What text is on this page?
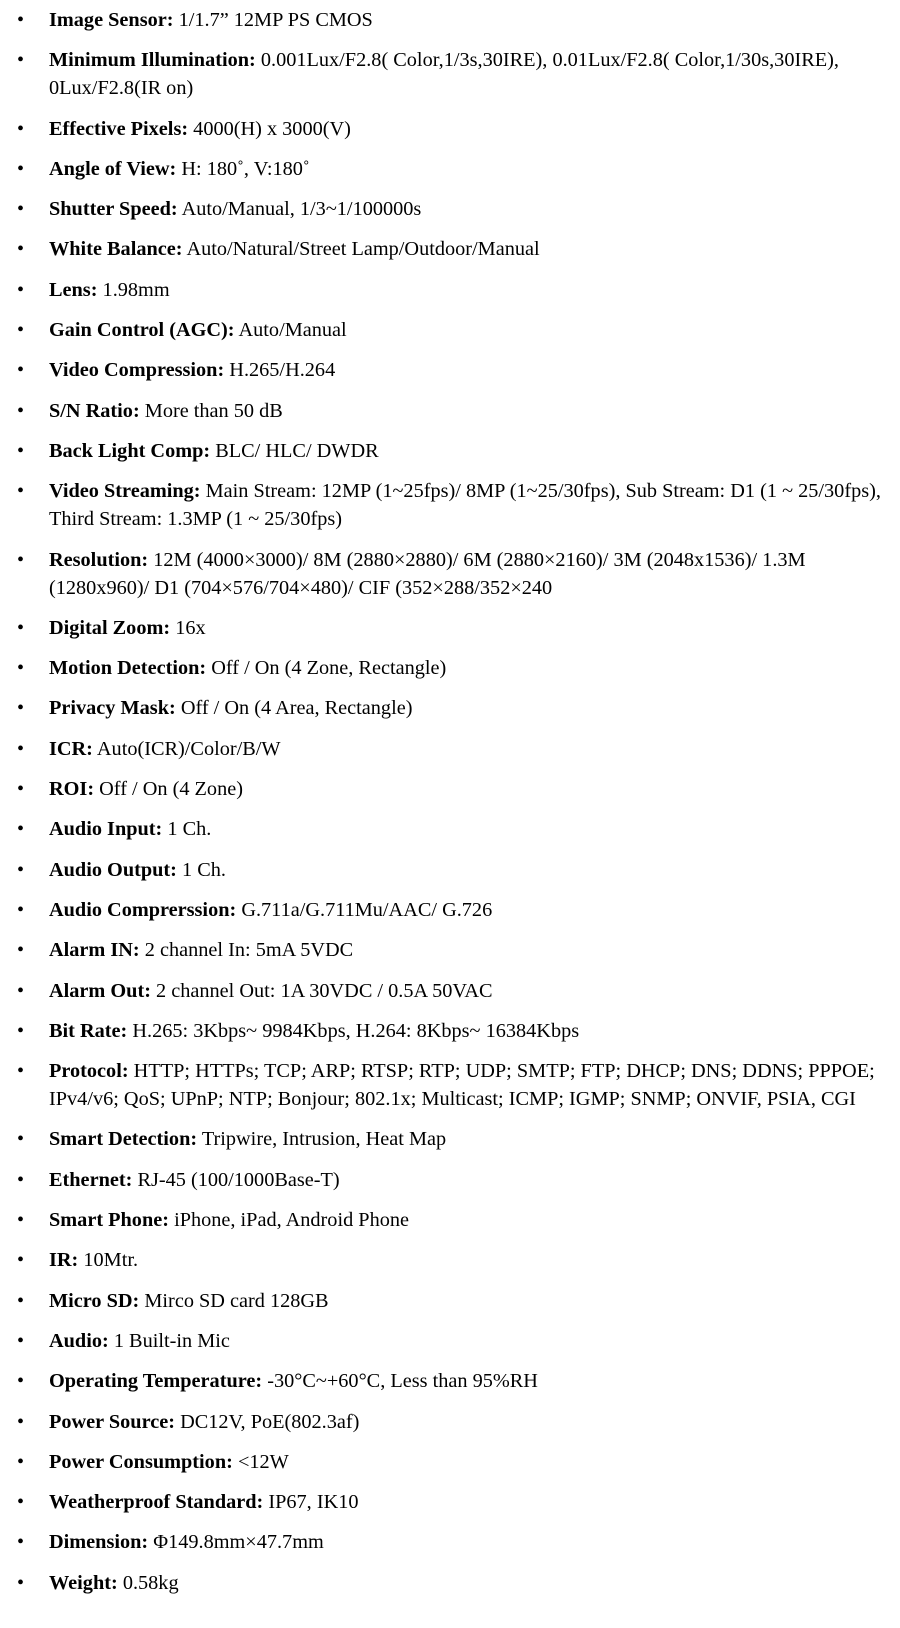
• Image Sensor: 1/1.7” 12MP PS CMOS
• Minimum Illumination: 0.001Lux/F2.8( Color,1/3s,30IRE), 0.01Lux/F2.8( Color,1/30s,30IRE), 0Lux/F2.8(IR on)
• Effective Pixels: 4000(H) x 3000(V)
• Angle of View: H: 180˚, V:180˚
• Shutter Speed: Auto/Manual, 1/3~1/100000s
• White Balance: Auto/Natural/Street Lamp/Outdoor/Manual
• Lens: 1.98mm
• Gain Control (AGC): Auto/Manual
• Video Compression: H.265/H.264
• S/N Ratio: More than 50 dB
• Back Light Comp: BLC/ HLC/ DWDR
• Video Streaming: Main Stream: 12MP (1~25fps)/ 8MP (1~25/30fps), Sub Stream: D1 (1 ~ 25/30fps), Third Stream: 1.3MP (1 ~ 25/30fps)
• Resolution: 12M (4000×3000)/ 8M (2880×2880)/ 6M (2880×2160)/ 3M (2048x1536)/ 1.3M (1280x960)/ D1 (704×576/704×480)/ CIF (352×288/352×240
• Digital Zoom: 16x
• Motion Detection: Off / On (4 Zone, Rectangle)
• Privacy Mask: Off / On (4 Area, Rectangle)
• ICR: Auto(ICR)/Color/B/W
• ROI: Off / On (4 Zone)
• Audio Input: 1 Ch.
• Audio Output: 1 Ch.
• Audio Comprerssion: G.711a/G.711Mu/AAC/ G.726
• Alarm IN: 2 channel In: 5mA 5VDC
• Alarm Out: 2 channel Out: 1A 30VDC / 0.5A 50VAC
• Bit Rate: H.265: 3Kbps~ 9984Kbps, H.264: 8Kbps~ 16384Kbps
• Protocol: HTTP; HTTPs; TCP; ARP; RTSP; RTP; UDP; SMTP; FTP; DHCP; DNS; DDNS; PPPOE; IPv4/v6; QoS; UPnP; NTP; Bonjour; 802.1x; Multicast; ICMP; IGMP; SNMP; ONVIF, PSIA, CGI
• Smart Detection: Tripwire, Intrusion, Heat Map
• Ethernet: RJ-45 (100/1000Base-T)
• Smart Phone: iPhone, iPad, Android Phone
• IR: 10Mtr.
• Micro SD: Mirco SD card 128GB
• Audio: 1 Built-in Mic
• Operating Temperature: -30°C~+60°C, Less than 95%RH
• Power Source: DC12V, PoE(802.3af)
• Power Consumption: <12W
• Weatherproof Standard: IP67, IK10
• Dimension: Φ149.8mm×47.7mm
• Weight: 0.58kg
